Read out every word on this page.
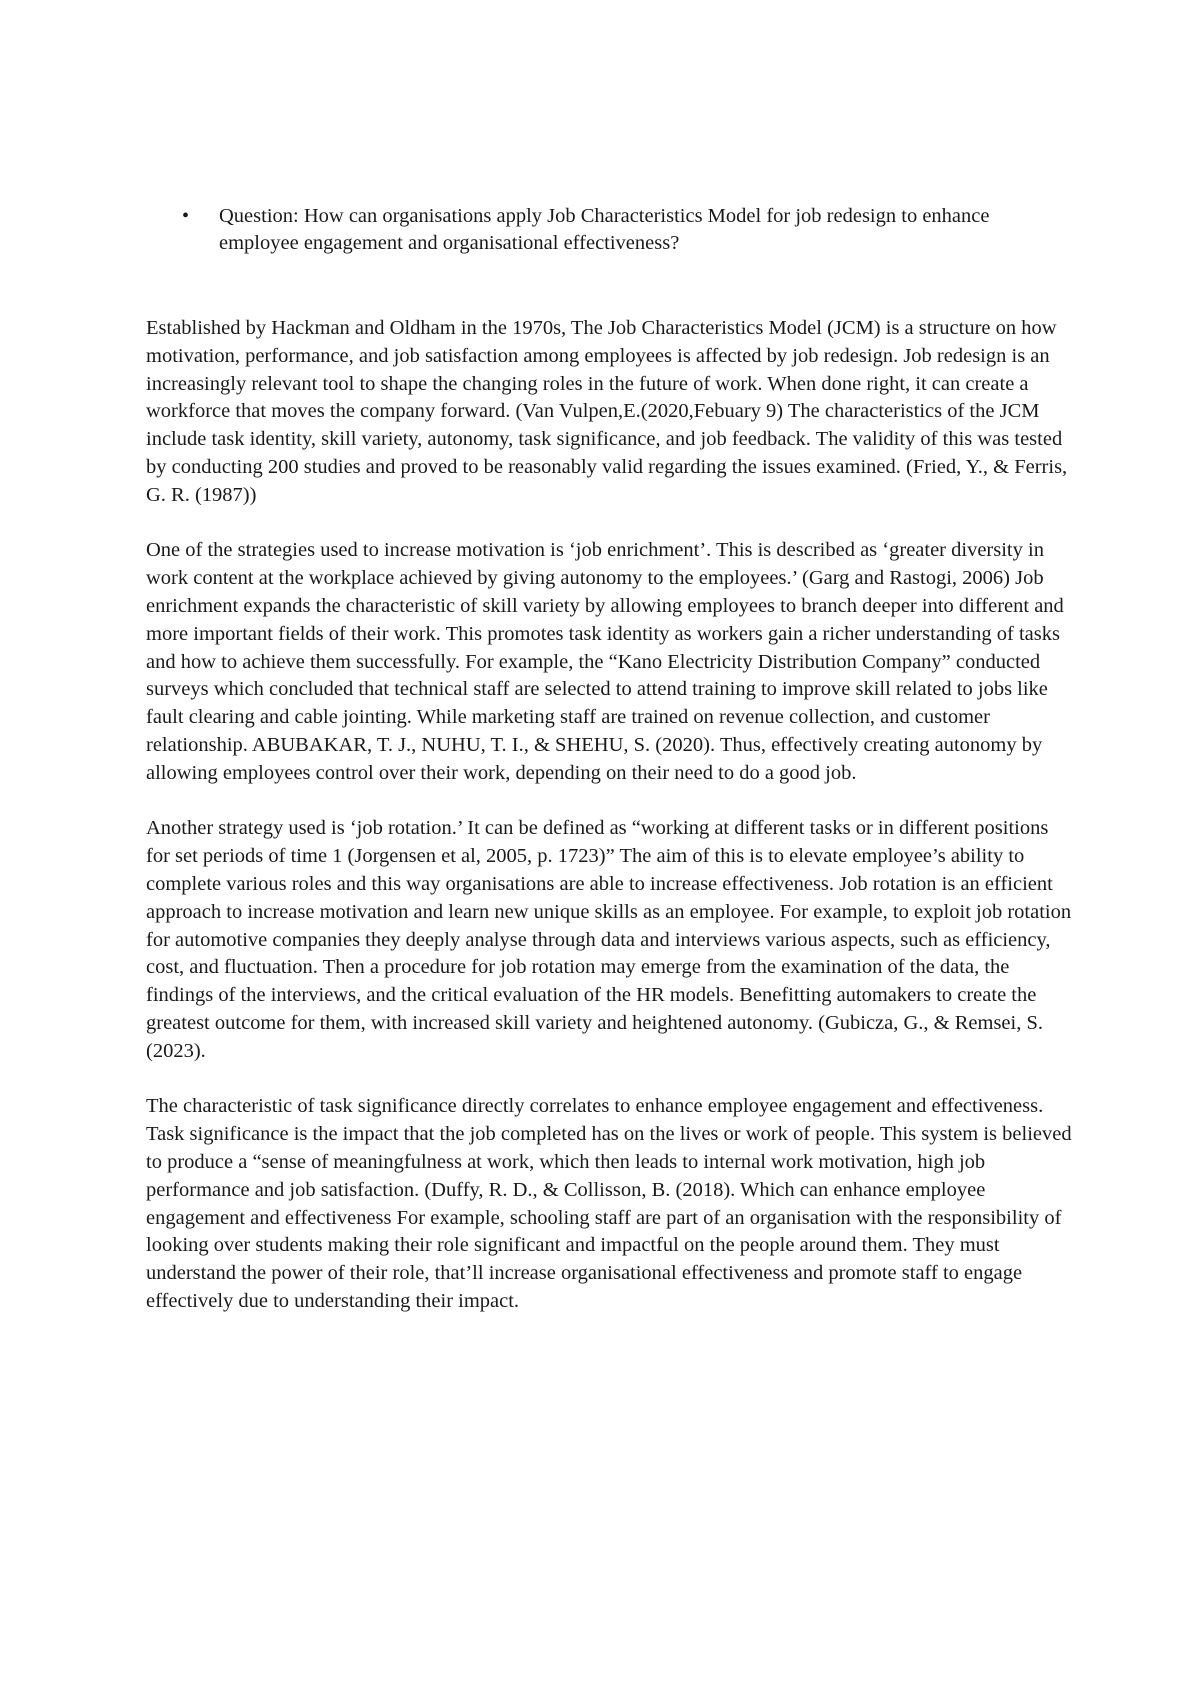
•	Question: How can organisations apply Job Characteristics Model for job redesign to enhance employee engagement and organisational effectiveness?

Established by Hackman and Oldham in the 1970s, The Job Characteristics Model (JCM) is a structure on how motivation, performance, and job satisfaction among employees is affected by job redesign. Job redesign is an increasingly relevant tool to shape the changing roles in the future of work. When done right, it can create a workforce that moves the company forward. (Van Vulpen,E.(2020,Febuary 9) The characteristics of the JCM include task identity, skill variety, autonomy, task significance, and job feedback. The validity of this was tested by conducting 200 studies and proved to be reasonably valid regarding the issues examined. (Fried, Y., & Ferris, G. R. (1987))

One of the strategies used to increase motivation is ‘job enrichment’. This is described as ‘greater diversity in work content at the workplace achieved by giving autonomy to the employees.’ (Garg and Rastogi, 2006) Job enrichment expands the characteristic of skill variety by allowing employees to branch deeper into different and more important fields of their work. This promotes task identity as workers gain a richer understanding of tasks and how to achieve them successfully. For example, the “Kano Electricity Distribution Company” conducted surveys which concluded that technical staff are selected to attend training to improve skill related to jobs like fault clearing and cable jointing. While marketing staff are trained on revenue collection, and customer relationship. ABUBAKAR, T. J., NUHU, T. I., & SHEHU, S. (2020). Thus, effectively creating autonomy by allowing employees control over their work, depending on their need to do a good job.

Another strategy used is ‘job rotation.’ It can be defined as “working at different tasks or in different positions for set periods of time 1 (Jorgensen et al, 2005, p. 1723)” The aim of this is to elevate employee’s ability to complete various roles and this way organisations are able to increase effectiveness. Job rotation is an efficient approach to increase motivation and learn new unique skills as an employee. For example, to exploit job rotation for automotive companies they deeply analyse through data and interviews various aspects, such as efficiency, cost, and fluctuation. Then a procedure for job rotation may emerge from the examination of the data, the findings of the interviews, and the critical evaluation of the HR models. Benefitting automakers to create the greatest outcome for them, with increased skill variety and heightened autonomy. (Gubicza, G., & Remsei, S. (2023).

The characteristic of task significance directly correlates to enhance employee engagement and effectiveness. Task significance is the impact that the job completed has on the lives or work of people. This system is believed to produce a “sense of meaningfulness at work, which then leads to internal work motivation, high job performance and job satisfaction. (Duffy, R. D., & Collisson, B. (2018). Which can enhance employee engagement and effectiveness For example, schooling staff are part of an organisation with the responsibility of looking over students making their role significant and impactful on the people around them. They must understand the power of their role, that’ll increase organisational effectiveness and promote staff to engage effectively due to understanding their impact.
